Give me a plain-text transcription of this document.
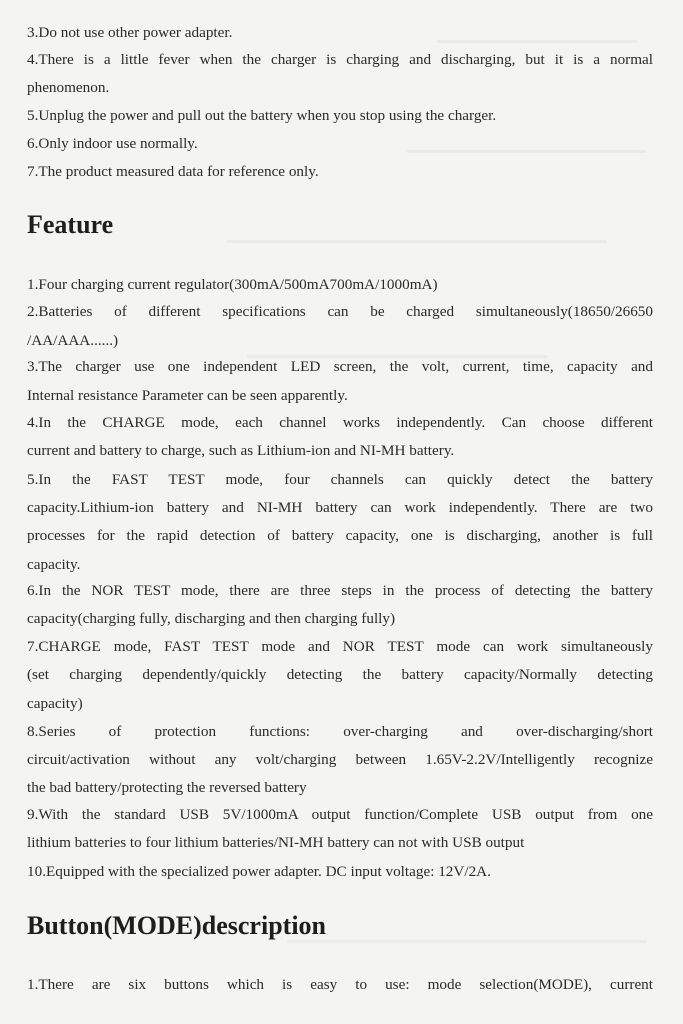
3.Do not use other power adapter.
4.There is a little fever when the charger is charging and discharging, but it is a normal
phenomenon.
5.Unplug the power and pull out the battery when you stop using the charger.
6.Only indoor use normally.
7.The product measured data for reference only.
Feature
1.Four charging current regulator(300mA/500mA700mA/1000mA)
2.Batteries of different specifications can be charged simultaneously(18650/26650
/AA/AAA......)
3.The charger use one independent LED screen, the volt, current, time, capacity and
Internal resistance Parameter can be seen apparently.
4.In the CHARGE mode, each channel works independently. Can choose different
current and battery to charge, such as Lithium-ion and NI-MH battery.
5.In the FAST TEST mode, four channels can quickly detect the battery
capacity.Lithium-ion battery and NI-MH battery can work independently. There are two
processes for the rapid detection of battery capacity, one is discharging, another is full
capacity.
6.In the NOR TEST mode, there are three steps in the process of detecting the battery
capacity(charging fully, discharging and then charging fully)
7.CHARGE mode, FAST TEST mode and NOR TEST mode can work simultaneously
(set charging dependently/quickly detecting the battery capacity/Normally detecting
capacity)
8.Series of protection functions: over-charging and over-discharging/short
circuit/activation without any volt/charging between 1.65V-2.2V/Intelligently recognize
the bad battery/protecting the reversed battery
9.With the standard USB 5V/1000mA output function/Complete USB output from one
lithium batteries to four lithium batteries/NI-MH battery can not with USB output
10.Equipped with the specialized power adapter. DC input voltage: 12V/2A.
Button(MODE)description
1.There are six buttons which is easy to use: mode selection(MODE), current
